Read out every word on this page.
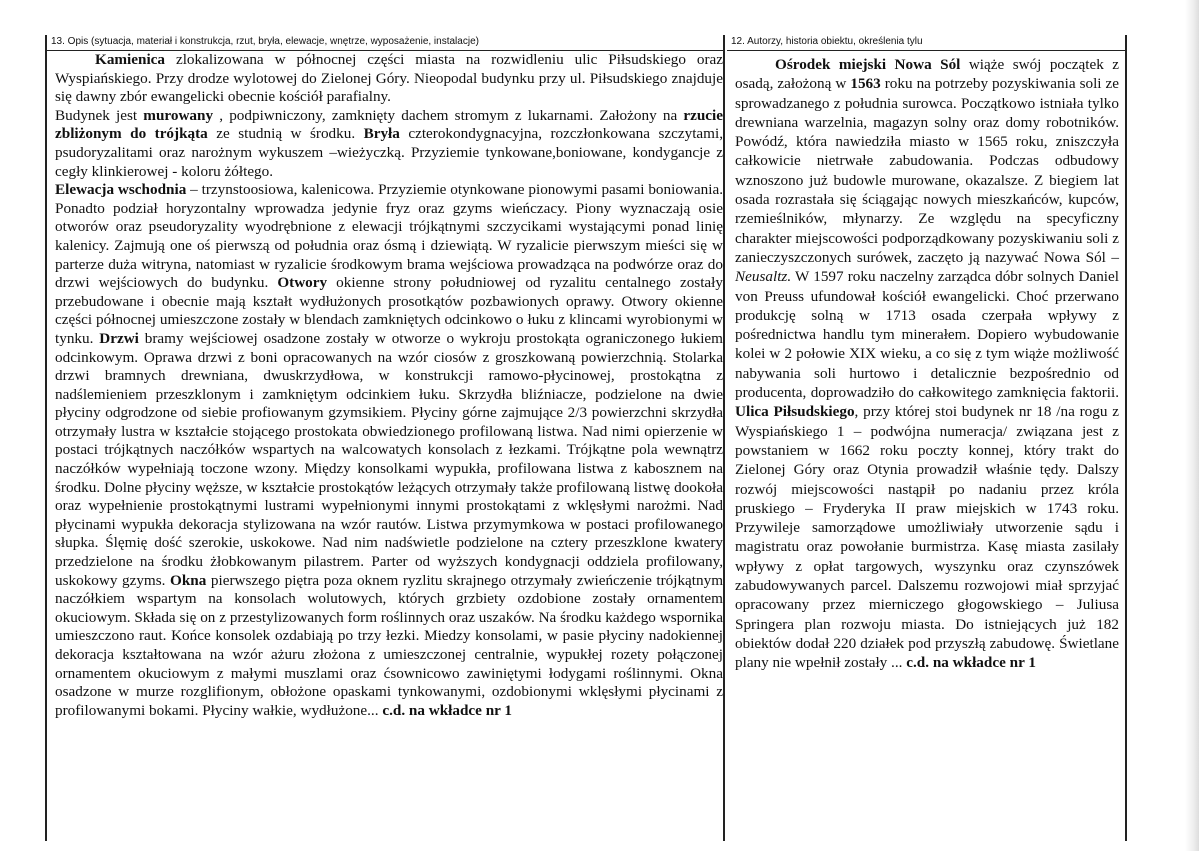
13. Opis (sytuacja, materiał i konstrukcja, rzut, bryła, elewacje, wnętrze, wyposażenie, instalacje)

Kamienica zlokalizowana w północnej części miasta na rozwidleniu ulic Piłsudskiego oraz Wyspiańskiego. Przy drodze wylotowej do Zielonej Góry. Nieopodal budynku przy ul. Piłsudskiego znajduje się dawny zbór ewangelicki obecnie kościół parafialny.

Budynek jest murowany , podpiwniczony, zamknięty dachem stromym z lukarnami. Założony na rzucie zbliżonym do trójkąta ze studnią w środku. Bryła czterokondygnacyjna, rozczłonkowana szczytami, psudoryzalitami oraz narożnym wykuszem –wieżyczką. Przyziemie tynkowane,boniowane, kondygancje z cegły klinkierowej - koloru żółtego.

Elewacja wschodnia – trzynstoosiowa, kalenicowa. Przyziemie otynkowane pionowymi pasami boniowania. Ponadto podział horyzontalny wprowadza jedynie fryz oraz gzyms wieńczacy. Piony wyznaczają osie otworów oraz pseudoryzality wyodrębnione z elewacji trójkątnymi szczycikami wystającymi ponad linię kalenicy. Zajmują one oś pierwszą od południa oraz ósmą i dziewiątą. W ryzalicie pierwszym mieści się w parterze duża witryna, natomiast w ryzalicie środkowym brama wejściowa prowadząca na podwórze oraz do drzwi wejściowych do budynku. Otwory okienne strony południowej od ryzalitu centalnego zostały przebudowane i obecnie mają kształt wydłużonych prosotkątów pozbawionych oprawy. Otwory okienne części północnej umieszczone zostały w blendach zamkniętych odcinkowo o łuku z klincami wyrobionymi w tynku. Drzwi bramy wejściowej osadzone zostały w otworze o wykroju prostokąta ograniczonego łukiem odcinkowym. Oprawa drzwi z boni opracowanych na wzór ciosów z groszkowaną powierzchnią. Stolarka drzwi bramnych drewniana, dwuskrzydłowa, w konstrukcji ramowo-płycinowej, prostokątna z nadślemieniem przeszklonym i zamkniętym odcinkiem łuku. Skrzydła bliźniacze, podzielone na dwie płyciny odgrodzone od siebie profiowanym gzymsikiem. Płyciny górne zajmujące 2/3 powierzchni skrzydła otrzymały lustra w kształcie stojącego prostokata obwiedzionego profilowaną listwa. Nad nimi opierzenie w postaci trójkątnych naczółków wspartych na walcowatych konsolach z łezkami. Trójkątne pola wewnątrz naczółków wypełniają toczone wzony. Między konsolkami wypukła, profilowana listwa z kabosznem na środku. Dolne płyciny węższe, w kształcie prostokątów leżących otrzymały także profilowaną listwę dookoła oraz wypełnienie prostokątnymi lustrami wypełnionymi innymi prostokątami z wklęsłymi narożmi. Nad płycinami wypukła dekoracja stylizowana na wzór rautów. Listwa przymymkowa w postaci profilowanego słupka. Ślęmię dość szerokie, uskokowe. Nad nim nadświetle podzielone na cztery przeszklone kwatery przedzielone na środku żłobkowanym pilastrem. Parter od wyższych kondygnacji oddziela profilowany, uskokowy gzyms. Okna pierwszego piętra poza oknem ryzlitu skrajnego otrzymały zwieńczenie trójkątnym naczółkiem wspartym na konsolach wolutowych, których grzbiety ozdobione zostały ornamentem okuciowym. Składa się on z przestylizowanych form roślinnych oraz uszaków. Na środku każdego wspornika umieszczono raut. Końce konsolek ozdabiają po trzy łezki. Miedzy konsolami, w pasie płyciny nadokiennej dekoracja kształtowana na wzór ażuru złożona z umieszczonej centralnie, wypukłej rozety połączonej ornamentem okuciowym z małymi muszlami oraz ćsownicowo zawiniętymi łodygami roślinnymi. Okna osadzone w murze rozglifionym, obłożone opaskami tynkowanymi, ozdobionymi wklęsłymi płycinami z profilowanymi bokami. Płyciny wałkie, wydłużone... c.d. na wkładce nr 1

12. Autorzy, historia obiektu, określenia tylu

Ośrodek miejski Nowa Sól wiąże swój początek z osadą, założoną w 1563 roku na potrzeby pozyskiwania soli ze sprowadzanego z południa surowca. Początkowo istniała tylko drewniana warzelnia, magazyn solny oraz domy robotników. Powódź, która nawiedziła miasto w 1565 roku, zniszczyła całkowicie nietrwałe zabudowania. Podczas odbudowy wznoszono już budowle murowane, okazalsze. Z biegiem lat osada rozrastała się ściągając nowych mieszkańców, kupców, rzemieślników, młynarzy. Ze względu na specyficzny charakter miejscowości podporządkowany pozyskiwaniu soli z zanieczyszczonych surówek, zaczęto ją nazywać Nowa Sól – Neusaltz. W 1597 roku naczelny zarządca dóbr solnych Daniel von Preuss ufundował kościół ewangelicki. Choć przerwano produkcję solną w 1713 osada czerpała wpływy z pośrednictwa handlu tym minerałem. Dopiero wybudowanie kolei w 2 połowie XIX wieku, a co się z tym wiąże możliwość nabywania soli hurtowo i detalicznie bezpośrednio od producenta, doprowadziło do całkowitego zamknięcia faktorii. Ulica Piłsudskiego, przy której stoi budynek nr 18 /na rogu z Wyspiańskiego 1 – podwójna numeracja/ związana jest z powstaniem w 1662 roku poczty konnej, który trakt do Zielonej Góry oraz Otynia prowadził właśnie tędy. Dalszy rozwój miejscowości nastąpił po nadaniu przez króla pruskiego – Fryderyka II praw miejskich w 1743 roku. Przywileje samorządowe umożliwiały utworzenie sądu i magistratu oraz powołanie burmistrza. Kasę miasta zasilały wpływy z opłat targowych, wyszynku oraz czynszówek zabudowywanych parcel. Dalszemu rozwojowi miał sprzyjać opracowany przez mierniczego głogowskiego – Juliusa Springera plan rozwoju miasta. Do istniejących już 182 obiektów dodał 220 działek pod przyszłą zabudowę. Świetlane plany nie wpełnił zostały ... c.d. na wkładce nr 1
